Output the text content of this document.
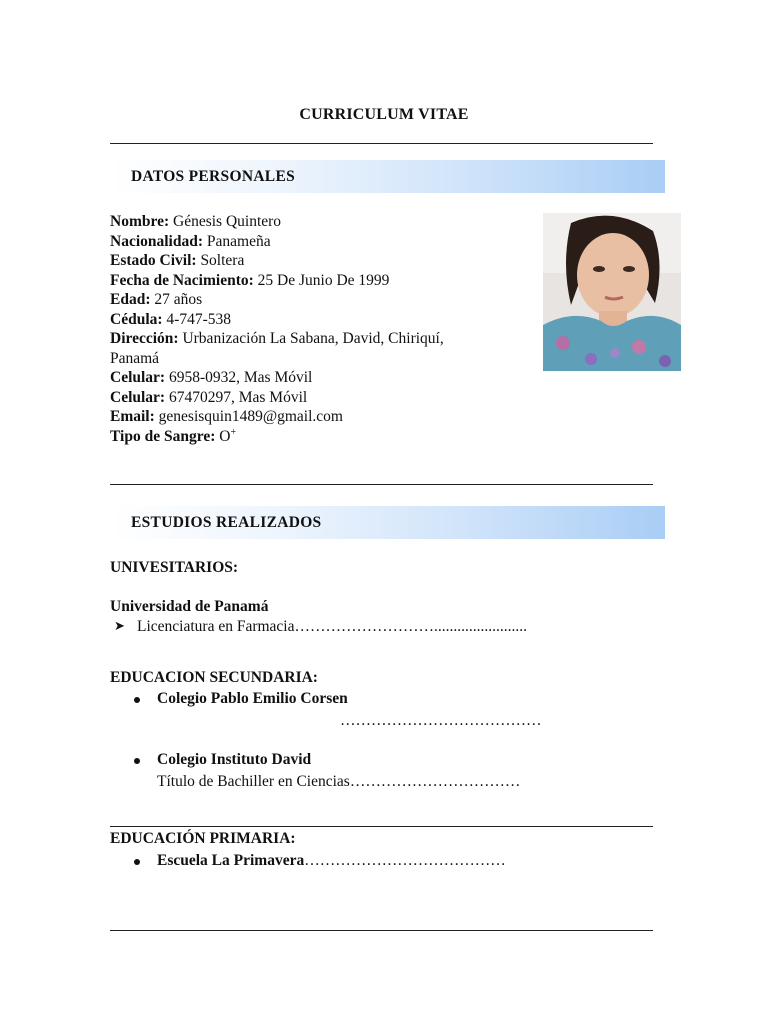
CURRICULUM VITAE
DATOS PERSONALES
Nombre: Génesis Quintero
Nacionalidad: Panameña
Estado Civil: Soltera
Fecha de Nacimiento: 25 De Junio De 1999
Edad: 27 años
Cédula: 4-747-538
Dirección: Urbanización La Sabana, David, Chiriquí,
Panamá
Celular: 6958-0932, Mas Móvil
Celular: 67470297, Mas Móvil
Email: genesisquin1489@gmail.com
Tipo de Sangre: O+
ESTUDIOS REALIZADOS
UNIVESITARIOS:
Universidad de Panamá
➤ Licenciatura en Farmacia………………………........................
EDUCACION SECUNDARIA:
Colegio Pablo Emilio Corsen
…………………………………
Colegio Instituto David
Título de Bachiller en Ciencias……………………………
EDUCACIÓN PRIMARIA:
Escuela La Primavera…………………………………
